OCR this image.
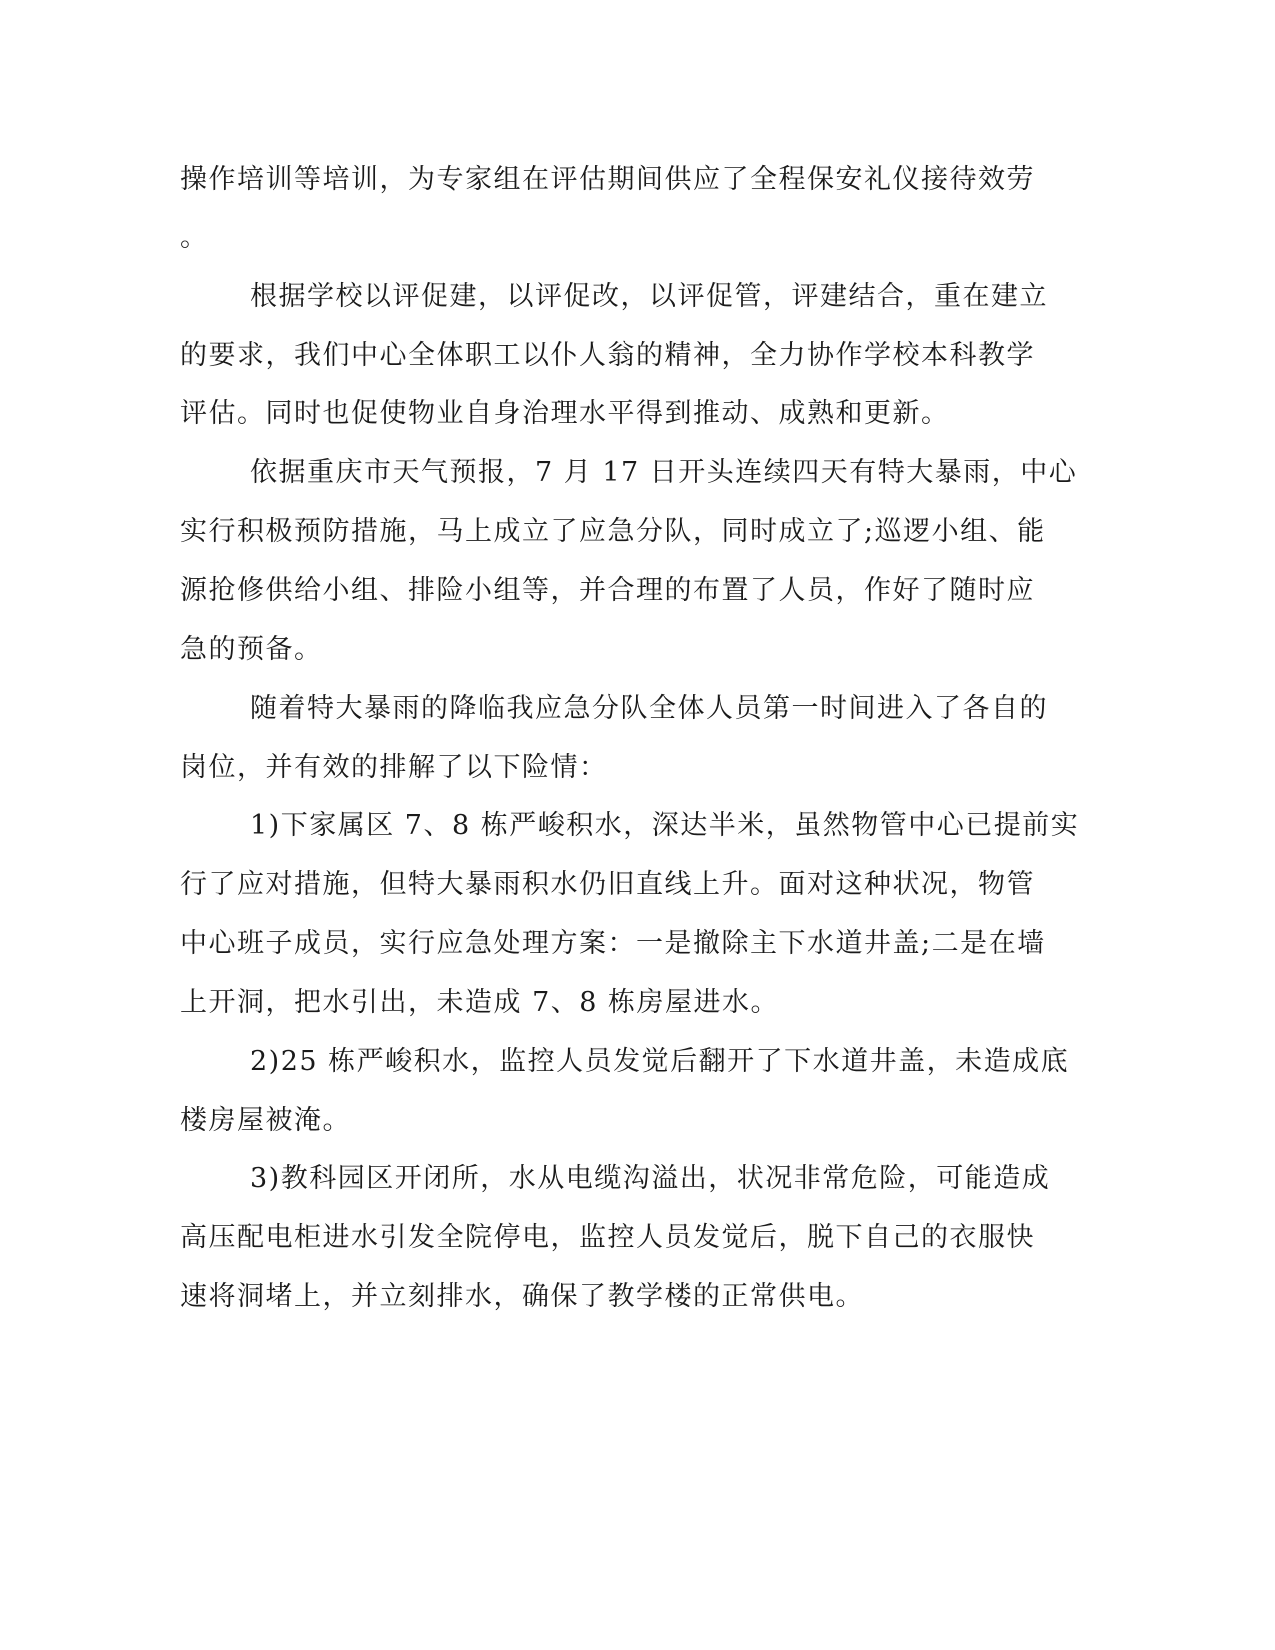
操作培训等培训，为专家组在评估期间供应了全程保安礼仪接待效劳

。

根据学校以评促建，以评促改，以评促管，评建结合，重在建立

的要求，我们中心全体职工以仆人翁的精神，全力协作学校本科教学

评估。同时也促使物业自身治理水平得到推动、成熟和更新。

依据重庆市天气预报，7 月 17 日开头连续四天有特大暴雨，中心

实行积极预防措施，马上成立了应急分队，同时成立了;巡逻小组、能

源抢修供给小组、排险小组等，并合理的布置了人员，作好了随时应

急的预备。

随着特大暴雨的降临我应急分队全体人员第一时间进入了各自的

岗位，并有效的排解了以下险情：

1)下家属区 7、8 栋严峻积水，深达半米，虽然物管中心已提前实

行了应对措施，但特大暴雨积水仍旧直线上升。面对这种状况，物管

中心班子成员，实行应急处理方案：一是撤除主下水道井盖;二是在墙

上开洞，把水引出，未造成 7、8 栋房屋进水。

2)25 栋严峻积水，监控人员发觉后翻开了下水道井盖，未造成底

楼房屋被淹。

3)教科园区开闭所，水从电缆沟溢出，状况非常危险，可能造成

高压配电柜进水引发全院停电，监控人员发觉后，脱下自己的衣服快

速将洞堵上，并立刻排水，确保了教学楼的正常供电。
